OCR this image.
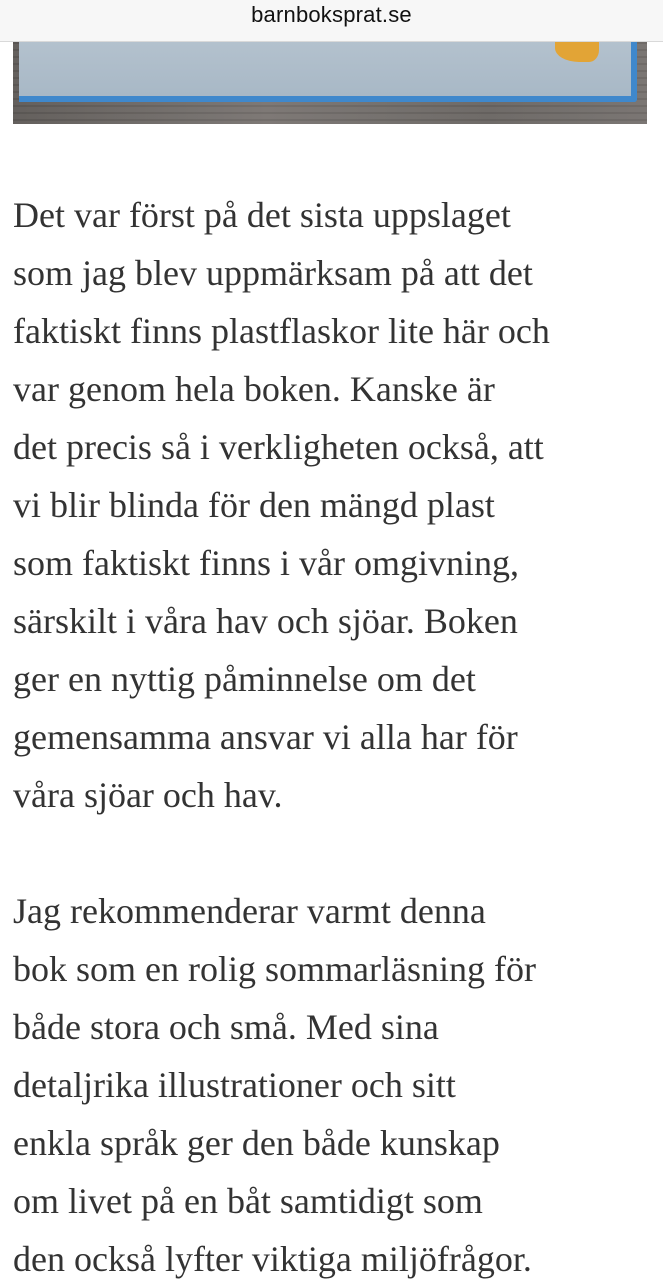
barnboksprat.se

Det var först på det sista uppslaget
som jag blev uppmärksam på att det
faktiskt finns plastflaskor lite här och
var genom hela boken. Kanske är
det precis så i verkligheten också, att
vi blir blinda för den mängd plast
som faktiskt finns i vår omgivning,
särskilt i våra hav och sjöar. Boken
ger en nyttig påminnelse om det
gemensamma ansvar vi alla har för
våra sjöar och hav.

Jag rekommenderar varmt denna
bok som en rolig sommarläsning för
både stora och små. Med sina
detaljrika illustrationer och sitt
enkla språk ger den både kunskap
om livet på en båt samtidigt som
den också lyfter viktiga miljöfrågor.
